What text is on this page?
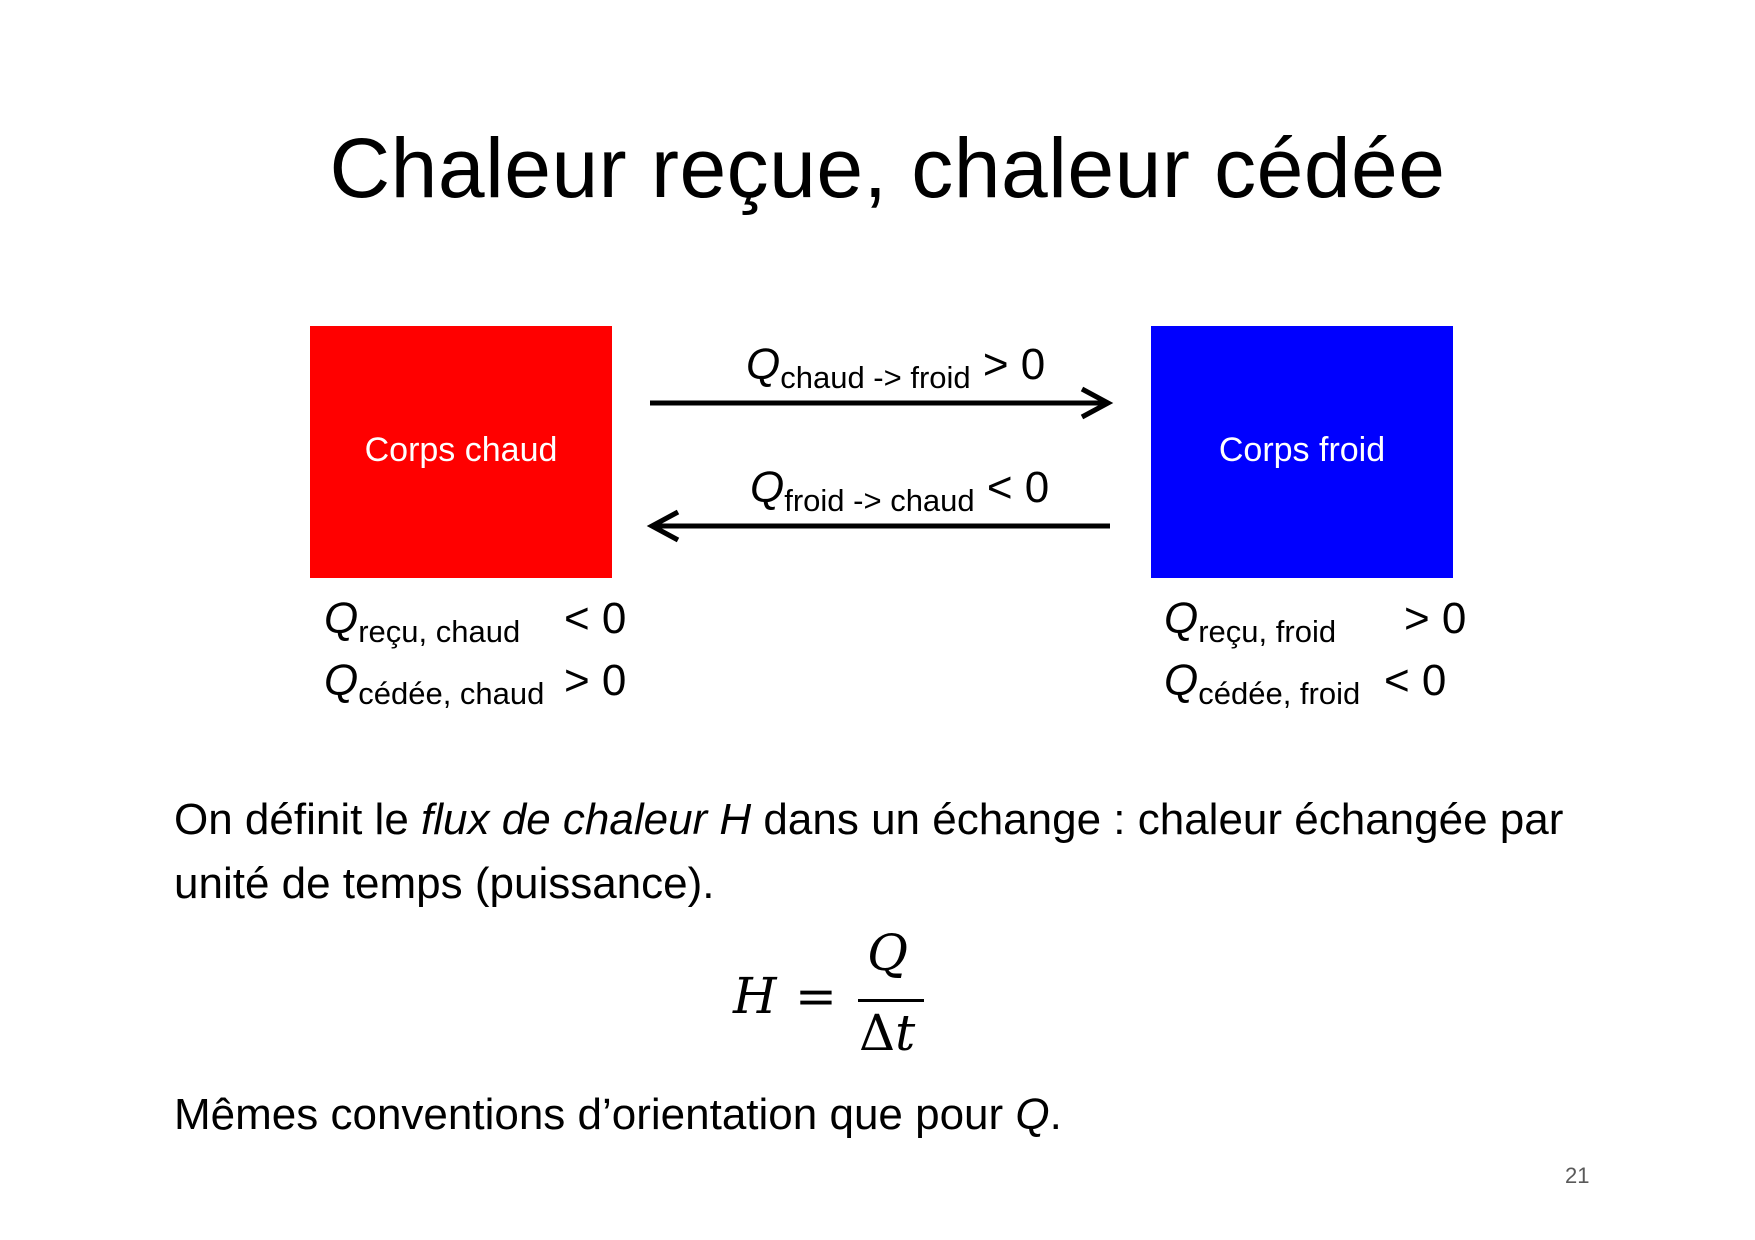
Chaleur reçue, chaleur cédée
Corps chaud	Corps froid
$Q_{chaud -> froid} > 0$
$Q_{froid -> chaud} < 0$
$Q_{reçu, chaud} < 0$
$Q_{cédée, chaud} > 0$
$Q_{reçu, froid} > 0$
$Q_{cédée, froid} < 0$
On définit le flux de chaleur H dans un échange : chaleur échangée par unité de temps (puissance).
H =
Q
Δt
Mêmes conventions d’orientation que pour Q.
21
